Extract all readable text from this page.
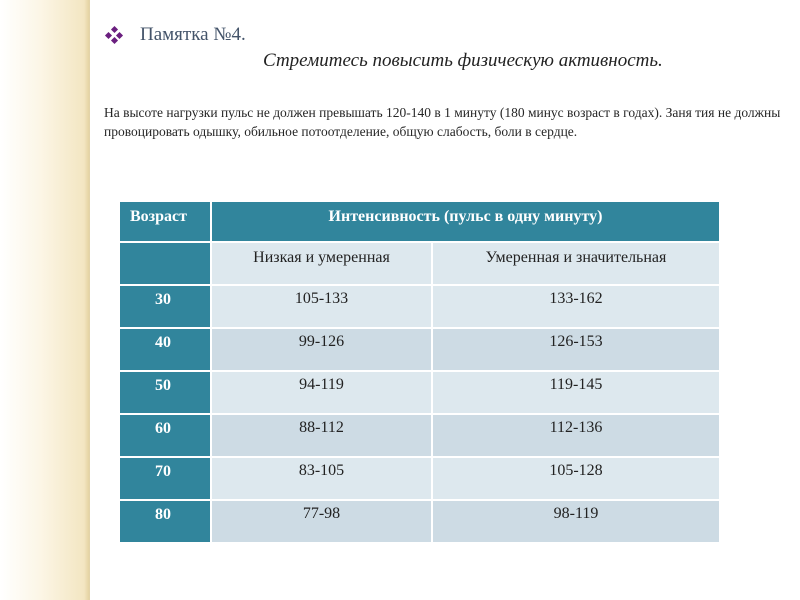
Памятка №4.
Стремитесь повысить физическую активность.
На высоте нагрузки пульс не должен превышать 120-140 в 1 минуту (180 минус возраст в годах). Заня тия не должны провоцировать одышку, обильное потоотделение, общую слабость, боли в сердце.
Возраст	Интенсивность (пульс в одну минуту)	
	Низкая и умеренная	Умеренная и значительная
30	105-133	133-162
40	99-126	126-153
50	94-119	119-145
60	88-112	112-136
70	83-105	105-128
80	77-98	98-119
